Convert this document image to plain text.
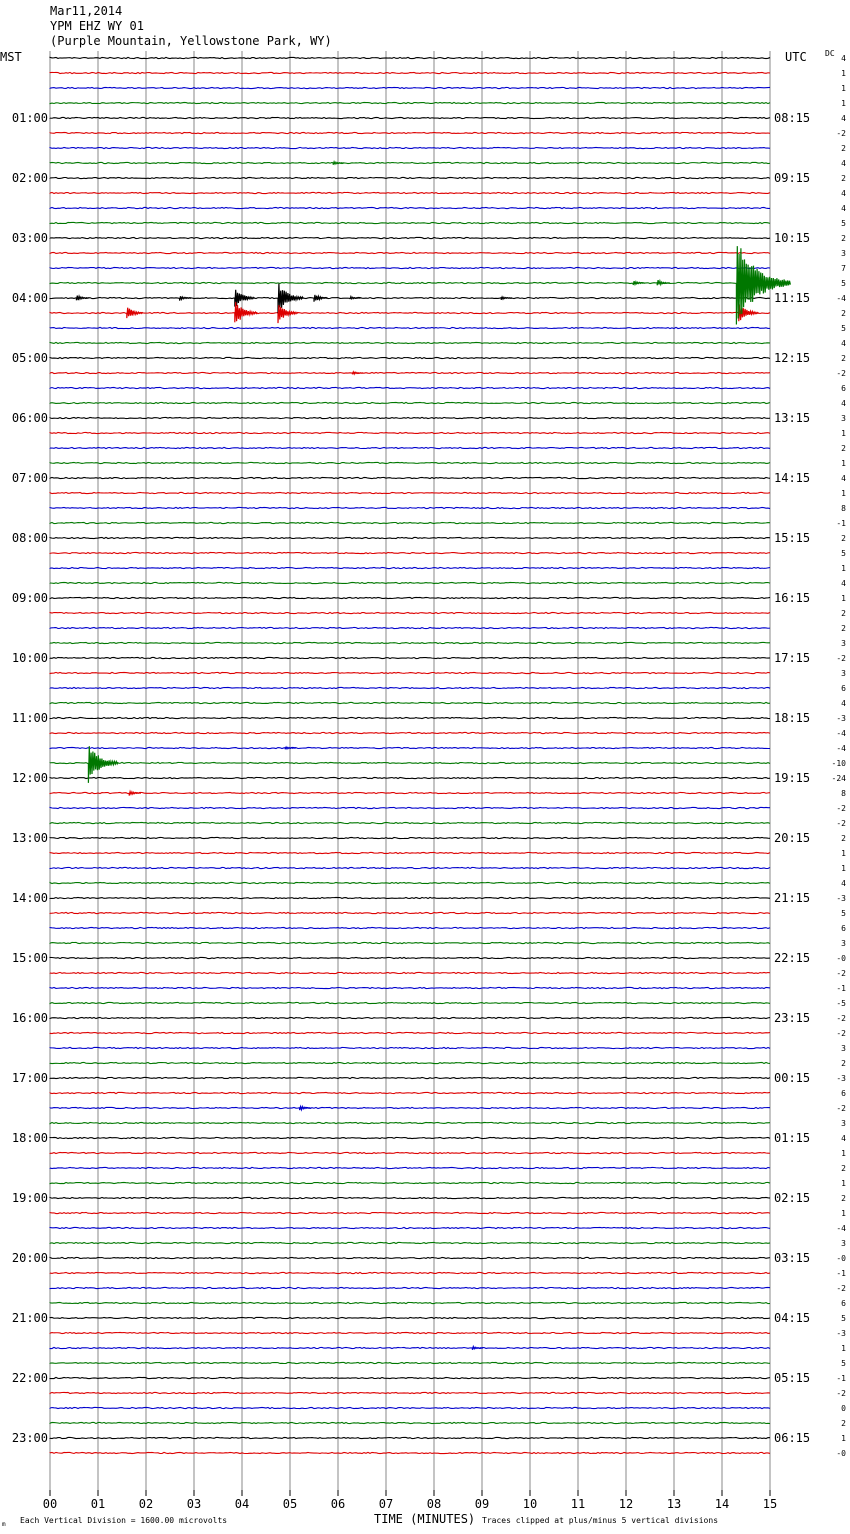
Mar11,2014
YPM EHZ WY 01
(Purple Mountain, Yellowstone Park, WY)
MST	UTC DC
00	01	02	03	04	05	06	07	08	09	10	11	12	13	14	15
01:00
02:00
03:00
04:00
05:00
06:00
07:00
08:00
09:00
10:00
11:00
12:00
13:00
14:00
15:00
16:00
17:00
18:00
19:00
20:00
21:00
22:00
23:00
08:15
09:15
10:15
11:15
12:15
13:15
14:15
15:15
16:15
17:15
18:15
19:15
20:15
21:15
22:15
23:15
00:15
01:15
02:15
03:15
04:15
05:15
06:15
4
1
1
1
4
-2
2
4
2
4
4
5
2
3
7
5
-4
2
5
4
2
-2
6
4
3
1
2
1
4
1
8
-1
2
5
1
4
1
2
2
3
-2
3
6
4
-3
-4
-4
-10
-24
8
-2
-2
2
1
1
4
-3
5
6
3
-0
-2
-1
-5
-2
-2
3
2
-3
6
-2
3
4
1
2
1
2
1
-4
3
-0
-1
-2
6
5
-3
1
5
-1
-2
0
2
1
-0
TIME (MINUTES)
Each Vertical Division = 1600.00 microvolts	Traces clipped at plus/minus 5 vertical divisions
m
